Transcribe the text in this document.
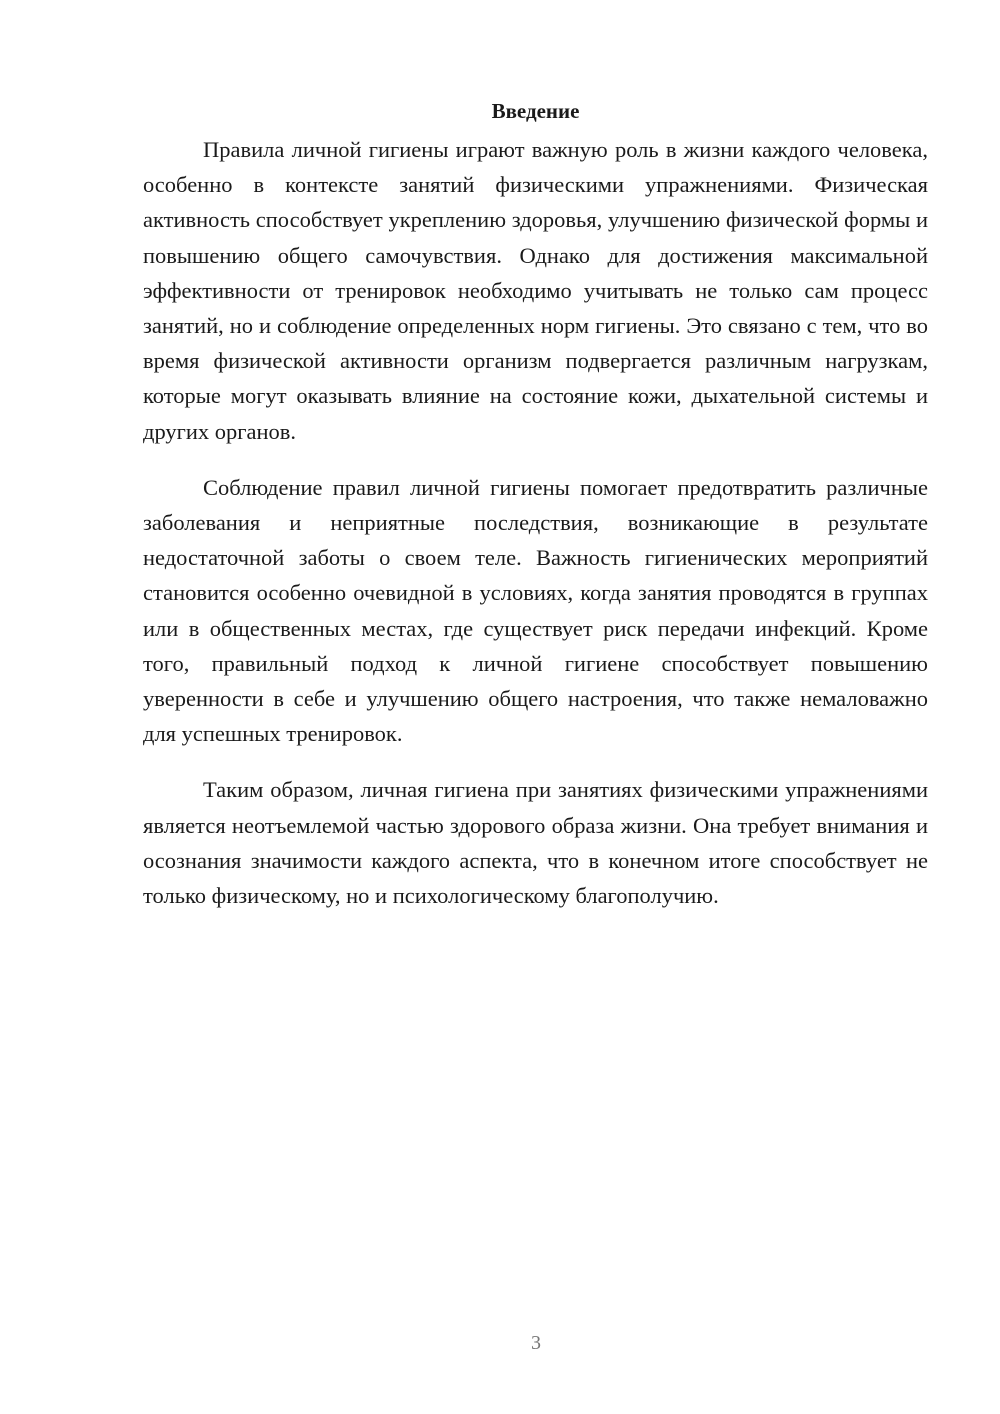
Введение

Правила личной гигиены играют важную роль в жизни каждого человека, особенно в контексте занятий физическими упражнениями. Физическая активность способствует укреплению здоровья, улучшению физической формы и повышению общего самочувствия. Однако для достижения максимальной эффективности от тренировок необходимо учитывать не только сам процесс занятий, но и соблюдение определенных норм гигиены. Это связано с тем, что во время физической активности организм подвергается различным нагрузкам, которые могут оказывать влияние на состояние кожи, дыхательной системы и других органов.

Соблюдение правил личной гигиены помогает предотвратить различные заболевания и неприятные последствия, возникающие в результате недостаточной заботы о своем теле. Важность гигиенических мероприятий становится особенно очевидной в условиях, когда занятия проводятся в группах или в общественных местах, где существует риск передачи инфекций. Кроме того, правильный подход к личной гигиене способствует повышению уверенности в себе и улучшению общего настроения, что также немаловажно для успешных тренировок.

Таким образом, личная гигиена при занятиях физическими упражнениями является неотъемлемой частью здорового образа жизни. Она требует внимания и осознания значимости каждого аспекта, что в конечном итоге способствует не только физическому, но и психологическому благополучию.

3
